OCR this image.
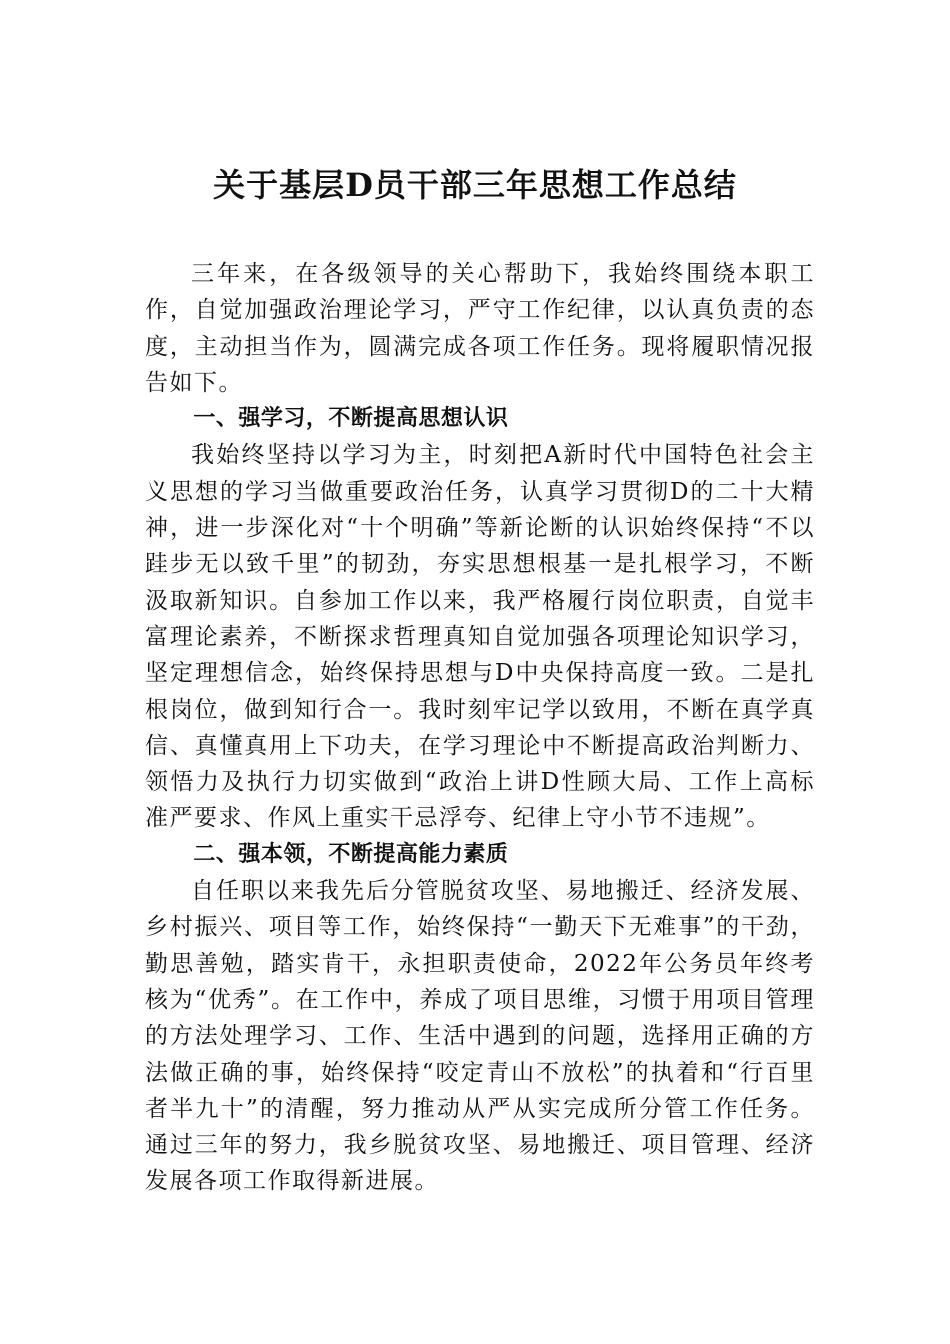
关于基层D员干部三年思想工作总结

三年来，在各级领导的关心帮助下，我始终围绕本职工作，自觉加强政治理论学习，严守工作纪律，以认真负责的态度，主动担当作为，圆满完成各项工作任务。现将履职情况报告如下。

一、强学习，不断提高思想认识

我始终坚持以学习为主，时刻把A新时代中国特色社会主义思想的学习当做重要政治任务，认真学习贯彻D的二十大精神，进一步深化对“十个明确”等新论断的认识始终保持“不以跬步无以致千里”的韧劲，夯实思想根基一是扎根学习，不断汲取新知识。自参加工作以来，我严格履行岗位职责，自觉丰富理论素养，不断探求哲理真知自觉加强各项理论知识学习，坚定理想信念，始终保持思想与D中央保持高度一致。二是扎根岗位，做到知行合一。我时刻牢记学以致用，不断在真学真信、真懂真用上下功夫，在学习理论中不断提高政治判断力、领悟力及执行力切实做到“政治上讲D性顾大局、工作上高标准严要求、作风上重实干忌浮夸、纪律上守小节不违规”。

二、强本领，不断提高能力素质

自任职以来我先后分管脱贫攻坚、易地搬迁、经济发展、乡村振兴、项目等工作，始终保持“一勤天下无难事”的干劲，勤思善勉，踏实肯干，永担职责使命，2022年公务员年终考核为“优秀”。在工作中，养成了项目思维，习惯于用项目管理的方法处理学习、工作、生活中遇到的问题，选择用正确的方法做正确的事，始终保持“咬定青山不放松”的执着和“行百里者半九十”的清醒，努力推动从严从实完成所分管工作任务。通过三年的努力，我乡脱贫攻坚、易地搬迁、项目管理、经济发展各项工作取得新进展。
